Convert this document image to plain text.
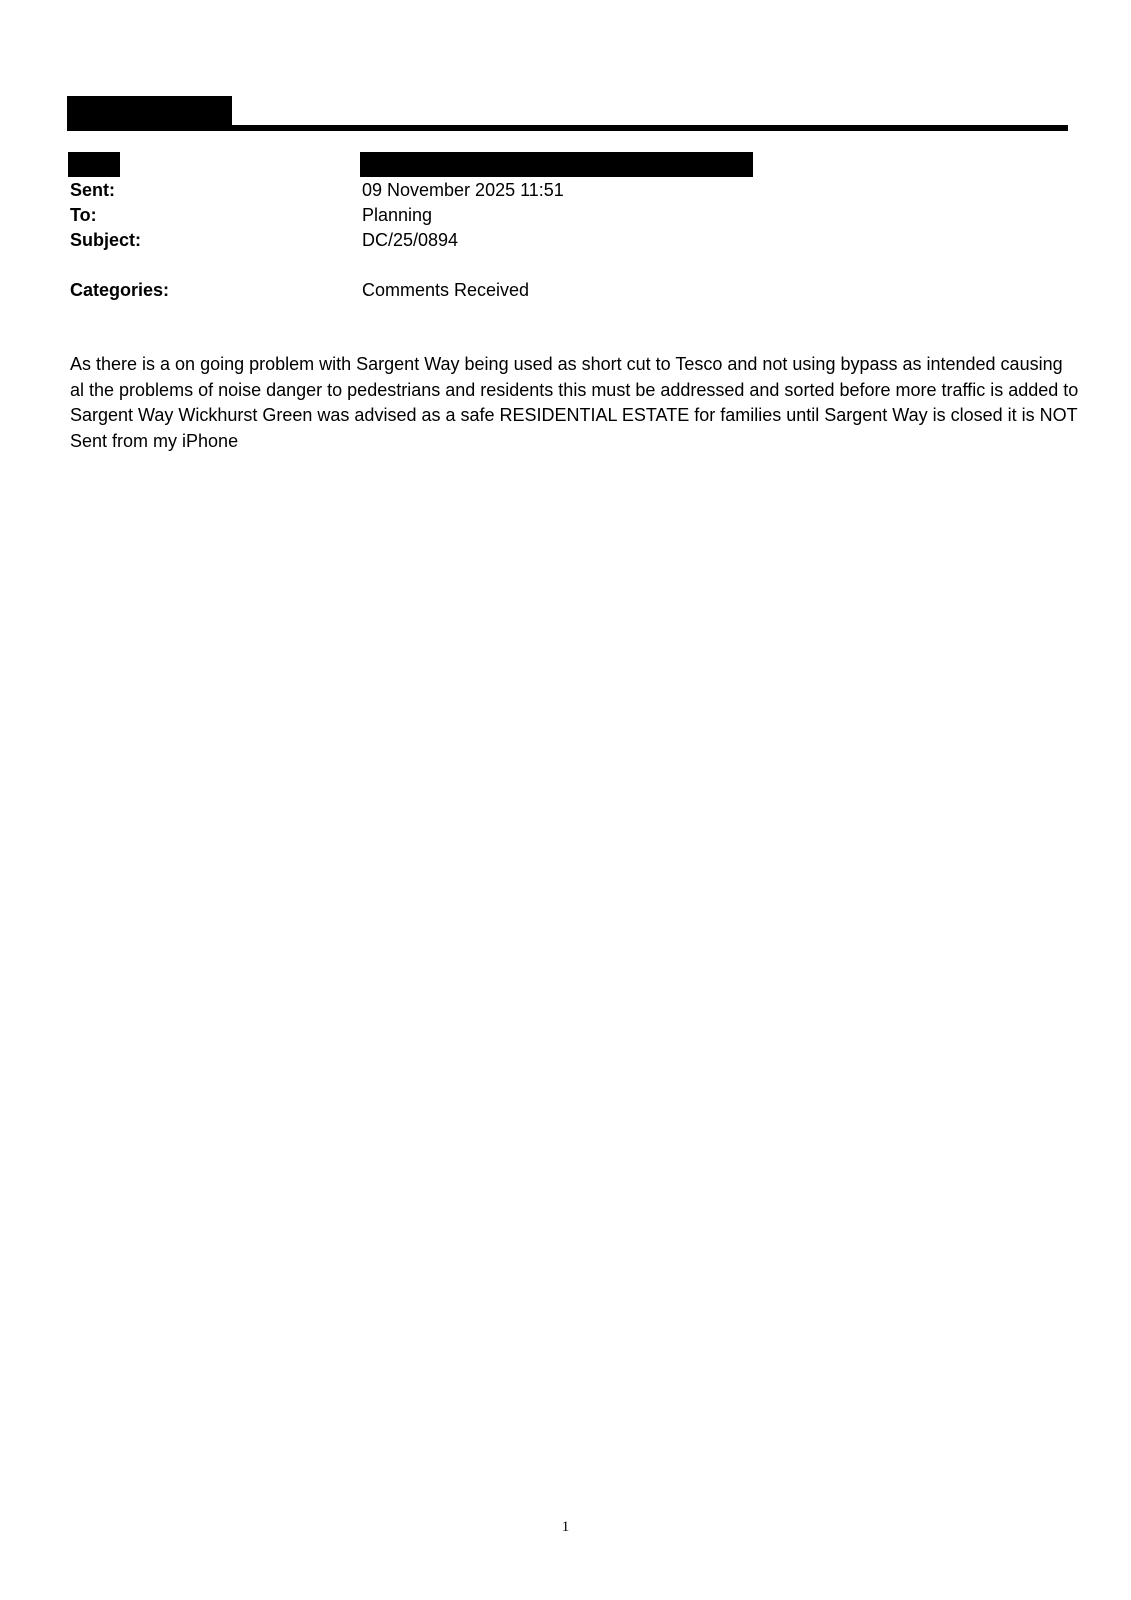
Sent:	09 November 2025 11:51
To:	Planning
Subject:	DC/25/0894
Categories:	Comments Received

As there is a on going problem with Sargent Way being used as short cut to Tesco and not using bypass as intended causing al the problems of noise danger to pedestrians and residents this must be addressed and sorted before more traffic is added to Sargent Way Wickhurst Green was advised as a safe RESIDENTIAL ESTATE for families until Sargent Way is closed it is NOT Sent from my iPhone

1
